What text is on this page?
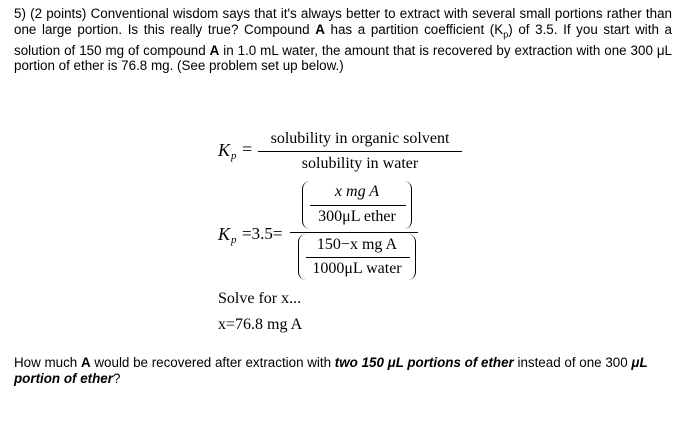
5) (2 points) Conventional wisdom says that it's always better to extract with several small portions rather than one large portion. Is this really true? Compound A has a partition coefficient $(K_p)$ of 3.5. If you start with a solution of 150 mg of compound A in 1.0 mL water, the amount that is recovered by extraction with one 300 μL portion of ether is 76.8 mg. (See problem set up below.)
K p =
solubility in organic solvent
solubility in water
K p =3.5=
x mg A
300μL ether
150−x mg A
1000μL water
Solve for x...
x=76.8 mg A
How much A would be recovered after extraction with two 150 μL portions of ether instead of one 300 μL portion of ether?
